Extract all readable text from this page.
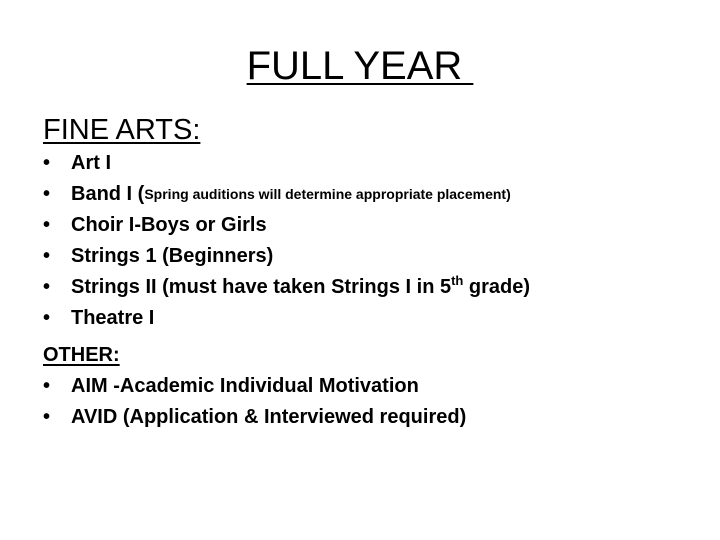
FULL YEAR
FINE ARTS:
•	Art I
•	Band I ( Spring auditions will determine appropriate placement)
•	Choir I-Boys or Girls
•	Strings 1 (Beginners)
•	Strings II (must have taken Strings I in 5th grade)
•	Theatre I
OTHER:
•	AIM -Academic Individual Motivation
•	AVID (Application & Interviewed required)
